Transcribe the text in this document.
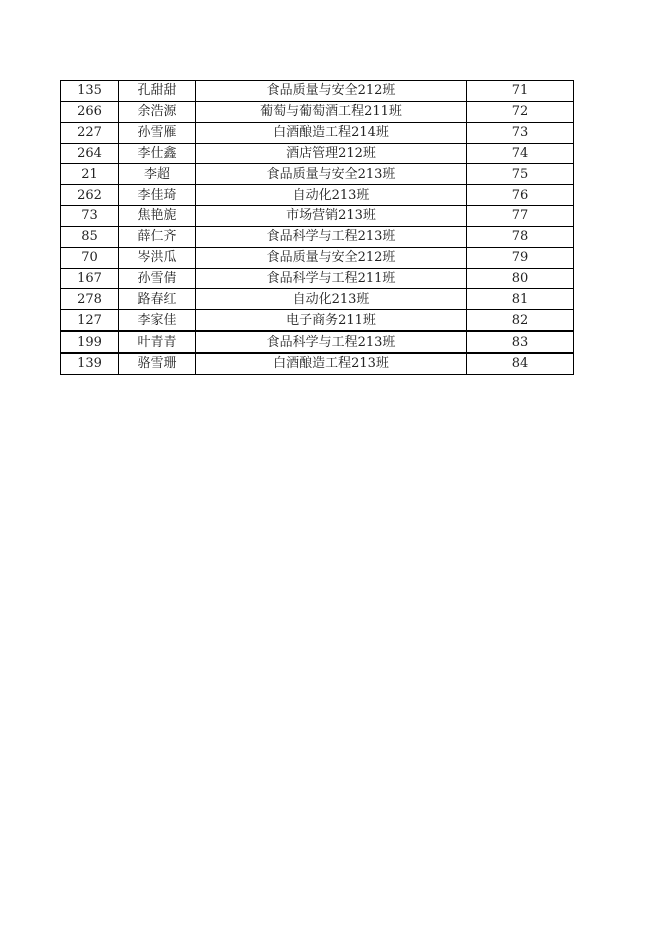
135	孔甜甜	食品质量与安全212班	71
266	余浩源	葡萄与葡萄酒工程211班	72
227	孙雪雁	白酒酿造工程214班	73
264	李仕鑫	酒店管理212班	74
21	李超	食品质量与安全213班	75
262	李佳琦	自动化213班	76
73	焦艳旎	市场营销213班	77
85	薛仁齐	食品科学与工程213班	78
70	岑洪瓜	食品质量与安全212班	79
167	孙雪倩	食品科学与工程211班	80
278	路春红	自动化213班	81
127	李家佳	电子商务211班	82
199	叶青青	食品科学与工程213班	83
139	骆雪珊	白酒酿造工程213班	84
